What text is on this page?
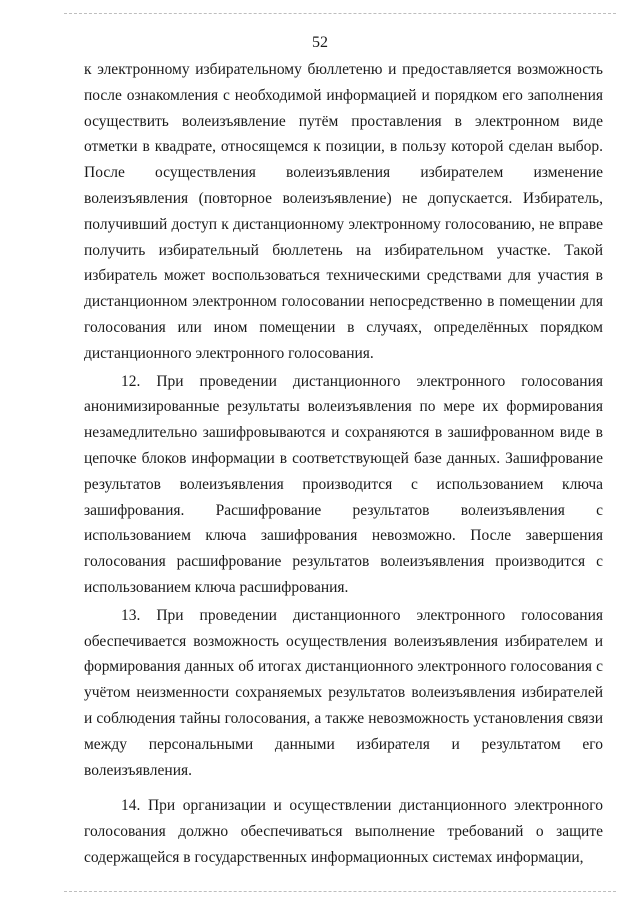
52

к электронному избирательному бюллетеню и предоставляется возможность после ознакомления с необходимой информацией и порядком его заполнения осуществить волеизъявление путём проставления в электронном виде отметки в квадрате, относящемся к позиции, в пользу которой сделан выбор. После осуществления волеизъявления избирателем изменение волеизъявления (повторное волеизъявление) не допускается. Избиратель, получивший доступ к дистанционному электронному голосованию, не вправе получить избирательный бюллетень на избирательном участке. Такой избиратель может воспользоваться техническими средствами для участия в дистанционном электронном голосовании непосредственно в помещении для голосования или ином помещении в случаях, определённых порядком дистанционного электронного голосования.

12. При проведении дистанционного электронного голосования анонимизированные результаты волеизъявления по мере их формирования незамедлительно зашифровываются и сохраняются в зашифрованном виде в цепочке блоков информации в соответствующей базе данных. Зашифрование результатов волеизъявления производится с использованием ключа зашифрования. Расшифрование результатов волеизъявления с использованием ключа зашифрования невозможно. После завершения голосования расшифрование результатов волеизъявления производится с использованием ключа расшифрования.

13. При проведении дистанционного электронного голосования обеспечивается возможность осуществления волеизъявления избирателем и формирования данных об итогах дистанционного электронного голосования с учётом неизменности сохраняемых результатов волеизъявления избирателей и соблюдения тайны голосования, а также невозможность установления связи между персональными данными избирателя и результатом его волеизъявления.

14. При организации и осуществлении дистанционного электронного голосования должно обеспечиваться выполнение требований о защите содержащейся в государственных информационных системах информации,
